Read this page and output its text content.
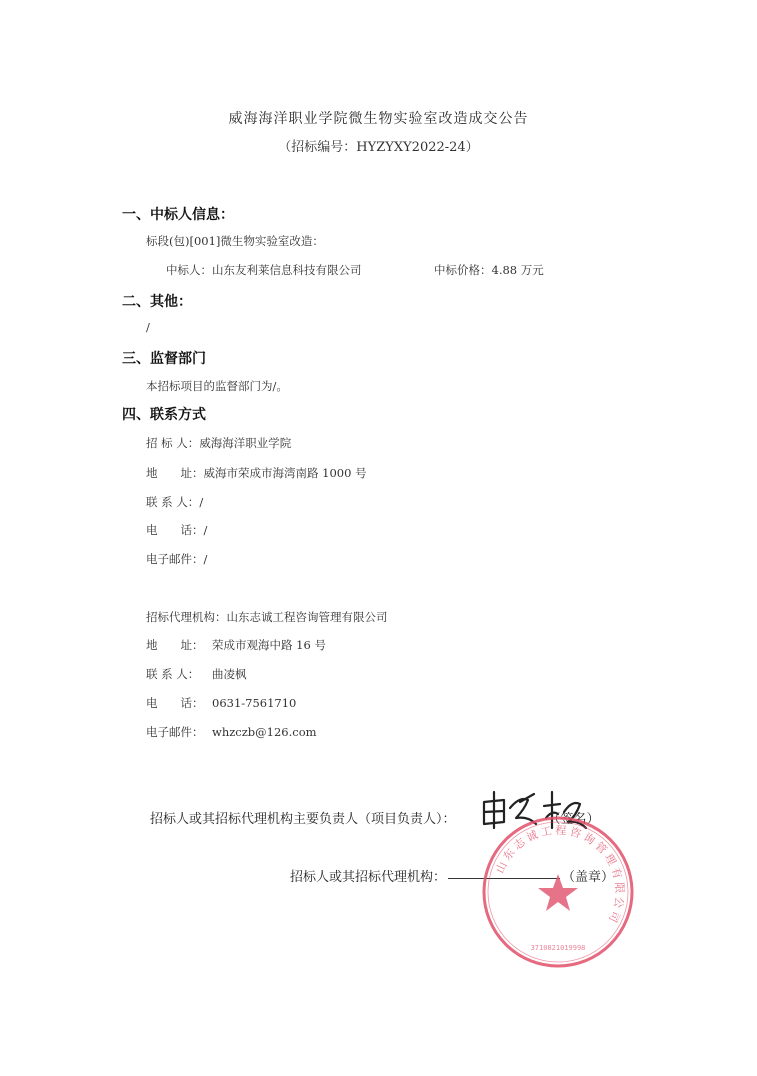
威海海洋职业学院微生物实验室改造成交公告
（招标编号：HYZYXY2022-24）
一、中标人信息：
标段(包)[001]微生物实验室改造：
中标人：山东友利莱信息科技有限公司	中标价格：4.88 万元
二、其他：
/
三、监督部门
本招标项目的监督部门为/。
四、联系方式
招 标 人：威海海洋职业学院
地　　址：威海市荣成市海湾南路 1000 号
联 系 人：/
电　　话：/
电子邮件：/
招标代理机构：山东志诚工程咨询管理有限公司
地　　址： 荣成市观海中路 16 号
联 系 人： 曲凌枫
电　　话： 0631-7561710
电子邮件： whzczb@126.com
招标人或其招标代理机构主要负责人（项目负责人）：	（签名）
招标人或其招标代理机构：	（盖章）
山东志诚工程咨询管理有限公司
3710821019998
